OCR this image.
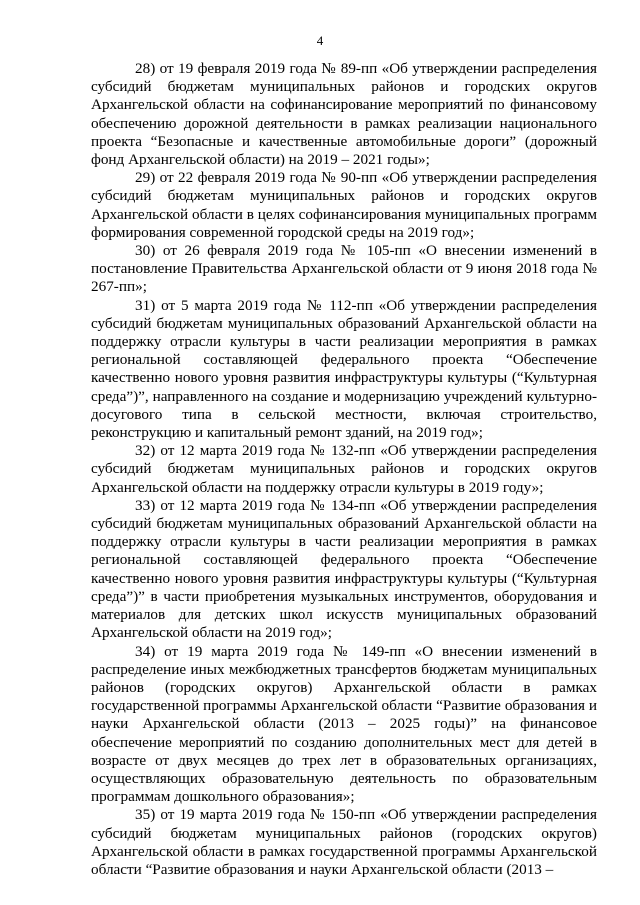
4

28) от 19 февраля 2019 года № 89-пп «Об утверждении распределения субсидий бюджетам муниципальных районов и городских округов Архангельской области на софинансирование мероприятий по финансовому обеспечению дорожной деятельности в рамках реализации национального проекта “Безопасные и качественные автомобильные дороги” (дорожный фонд Архангельской области) на 2019 – 2021 годы»;

29) от 22 февраля 2019 года № 90-пп «Об утверждении распределения субсидий бюджетам муниципальных районов и городских округов Архангельской области в целях софинансирования муниципальных программ формирования современной городской среды на 2019 год»;

30) от 26 февраля 2019 года № 105-пп «О внесении изменений в постановление Правительства Архангельской области от 9 июня 2018 года № 267-пп»;

31) от 5 марта 2019 года № 112-пп «Об утверждении распределения субсидий бюджетам муниципальных образований Архангельской области на поддержку отрасли культуры в части реализации мероприятия в рамках региональной составляющей федерального проекта “Обеспечение качественно нового уровня развития инфраструктуры культуры (“Культурная среда”)”, направленного на создание и модернизацию учреждений культурно-досугового типа в сельской местности, включая строительство, реконструкцию и капитальный ремонт зданий, на 2019 год»;

32) от 12 марта 2019 года № 132-пп «Об утверждении распределения субсидий бюджетам муниципальных районов и городских округов Архангельской области на поддержку отрасли культуры в 2019 году»;

33) от 12 марта 2019 года № 134-пп «Об утверждении распределения субсидий бюджетам муниципальных образований Архангельской области на поддержку отрасли культуры в части реализации мероприятия в рамках региональной составляющей федерального проекта “Обеспечение качественно нового уровня развития инфраструктуры культуры (“Культурная среда”)” в части приобретения музыкальных инструментов, оборудования и материалов для детских школ искусств муниципальных образований Архангельской области на 2019 год»;

34) от 19 марта 2019 года № 149-пп «О внесении изменений в распределение иных межбюджетных трансфертов бюджетам муниципальных районов (городских округов) Архангельской области в рамках государственной программы Архангельской области “Развитие образования и науки Архангельской области (2013 – 2025 годы)” на финансовое обеспечение мероприятий по созданию дополнительных мест для детей в возрасте от двух месяцев до трех лет в образовательных организациях, осуществляющих образовательную деятельность по образовательным программам дошкольного образования»;

35) от 19 марта 2019 года № 150-пп «Об утверждении распределения субсидий бюджетам муниципальных районов (городских округов) Архангельской области в рамках государственной программы Архангельской области “Развитие образования и науки Архангельской области (2013 –
